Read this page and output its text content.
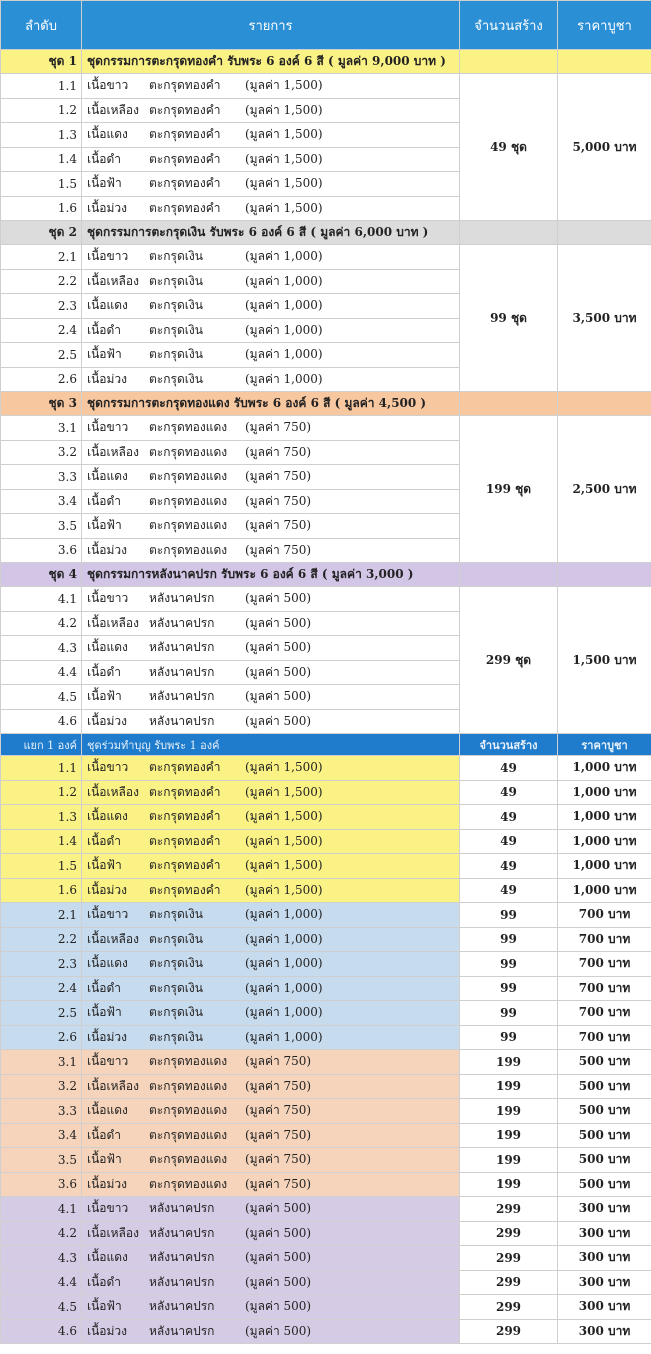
ลำดับ	รายการ	จำนวนสร้าง	ราคาบูชา
ชุด 1	ชุดกรรมการตะกรุดทองคำ รับพระ 6 องค์ 6 สี ( มูลค่า 9,000 บาท )		
1.1	เนื้อขาว ตะกรุดทองคำ (มูลค่า 1,500)	49 ชุด	5,000 บาท
1.2	เนื้อเหลือง ตะกรุดทองคำ (มูลค่า 1,500)		
1.3	เนื้อแดง ตะกรุดทองคำ (มูลค่า 1,500)		
1.4	เนื้อดำ ตะกรุดทองคำ (มูลค่า 1,500)		
1.5	เนื้อฟ้า ตะกรุดทองคำ (มูลค่า 1,500)		
1.6	เนื้อม่วง ตะกรุดทองคำ (มูลค่า 1,500)		
ชุด 2	ชุดกรรมการตะกรุดเงิน รับพระ 6 องค์ 6 สี ( มูลค่า 6,000 บาท )		
2.1	เนื้อขาว ตะกรุดเงิน (มูลค่า 1,000)	99 ชุด	3,500 บาท
2.2	เนื้อเหลือง ตะกรุดเงิน (มูลค่า 1,000)		
2.3	เนื้อแดง ตะกรุดเงิน (มูลค่า 1,000)		
2.4	เนื้อดำ ตะกรุดเงิน (มูลค่า 1,000)		
2.5	เนื้อฟ้า ตะกรุดเงิน (มูลค่า 1,000)		
2.6	เนื้อม่วง ตะกรุดเงิน (มูลค่า 1,000)		
ชุด 3	ชุดกรรมการตะกรุดทองแดง รับพระ 6 องค์ 6 สี ( มูลค่า 4,500 )		
3.1	เนื้อขาว ตะกรุดทองแดง (มูลค่า 750)	199 ชุด	2,500 บาท
3.2	เนื้อเหลือง ตะกรุดทองแดง (มูลค่า 750)		
3.3	เนื้อแดง ตะกรุดทองแดง (มูลค่า 750)		
3.4	เนื้อดำ ตะกรุดทองแดง (มูลค่า 750)		
3.5	เนื้อฟ้า ตะกรุดทองแดง (มูลค่า 750)		
3.6	เนื้อม่วง ตะกรุดทองแดง (มูลค่า 750)		
ชุด 4	ชุดกรรมการหลังนาคปรก รับพระ 6 องค์ 6 สี ( มูลค่า 3,000 )		
4.1	เนื้อขาว หลังนาคปรก (มูลค่า 500)	299 ชุด	1,500 บาท
4.2	เนื้อเหลือง หลังนาคปรก (มูลค่า 500)		
4.3	เนื้อแดง หลังนาคปรก (มูลค่า 500)		
4.4	เนื้อดำ หลังนาคปรก (มูลค่า 500)		
4.5	เนื้อฟ้า หลังนาคปรก (มูลค่า 500)		
4.6	เนื้อม่วง หลังนาคปรก (มูลค่า 500)		
แยก 1 องค์	ชุดร่วมทำบุญ รับพระ 1 องค์	จำนวนสร้าง	ราคาบูชา
1.1	เนื้อขาว ตะกรุดทองคำ (มูลค่า 1,500)	49	1,000 บาท
1.2	เนื้อเหลือง ตะกรุดทองคำ (มูลค่า 1,500)	49	1,000 บาท
1.3	เนื้อแดง ตะกรุดทองคำ (มูลค่า 1,500)	49	1,000 บาท
1.4	เนื้อดำ ตะกรุดทองคำ (มูลค่า 1,500)	49	1,000 บาท
1.5	เนื้อฟ้า ตะกรุดทองคำ (มูลค่า 1,500)	49	1,000 บาท
1.6	เนื้อม่วง ตะกรุดทองคำ (มูลค่า 1,500)	49	1,000 บาท
2.1	เนื้อขาว ตะกรุดเงิน (มูลค่า 1,000)	99	700 บาท
2.2	เนื้อเหลือง ตะกรุดเงิน (มูลค่า 1,000)	99	700 บาท
2.3	เนื้อแดง ตะกรุดเงิน (มูลค่า 1,000)	99	700 บาท
2.4	เนื้อดำ ตะกรุดเงิน (มูลค่า 1,000)	99	700 บาท
2.5	เนื้อฟ้า ตะกรุดเงิน (มูลค่า 1,000)	99	700 บาท
2.6	เนื้อม่วง ตะกรุดเงิน (มูลค่า 1,000)	99	700 บาท
3.1	เนื้อขาว ตะกรุดทองแดง (มูลค่า 750)	199	500 บาท
3.2	เนื้อเหลือง ตะกรุดทองแดง (มูลค่า 750)	199	500 บาท
3.3	เนื้อแดง ตะกรุดทองแดง (มูลค่า 750)	199	500 บาท
3.4	เนื้อดำ ตะกรุดทองแดง (มูลค่า 750)	199	500 บาท
3.5	เนื้อฟ้า ตะกรุดทองแดง (มูลค่า 750)	199	500 บาท
3.6	เนื้อม่วง ตะกรุดทองแดง (มูลค่า 750)	199	500 บาท
4.1	เนื้อขาว หลังนาคปรก (มูลค่า 500)	299	300 บาท
4.2	เนื้อเหลือง หลังนาคปรก (มูลค่า 500)	299	300 บาท
4.3	เนื้อแดง หลังนาคปรก (มูลค่า 500)	299	300 บาท
4.4	เนื้อดำ หลังนาคปรก (มูลค่า 500)	299	300 บาท
4.5	เนื้อฟ้า หลังนาคปรก (มูลค่า 500)	299	300 บาท
4.6	เนื้อม่วง หลังนาคปรก (มูลค่า 500)	299	300 บาท
